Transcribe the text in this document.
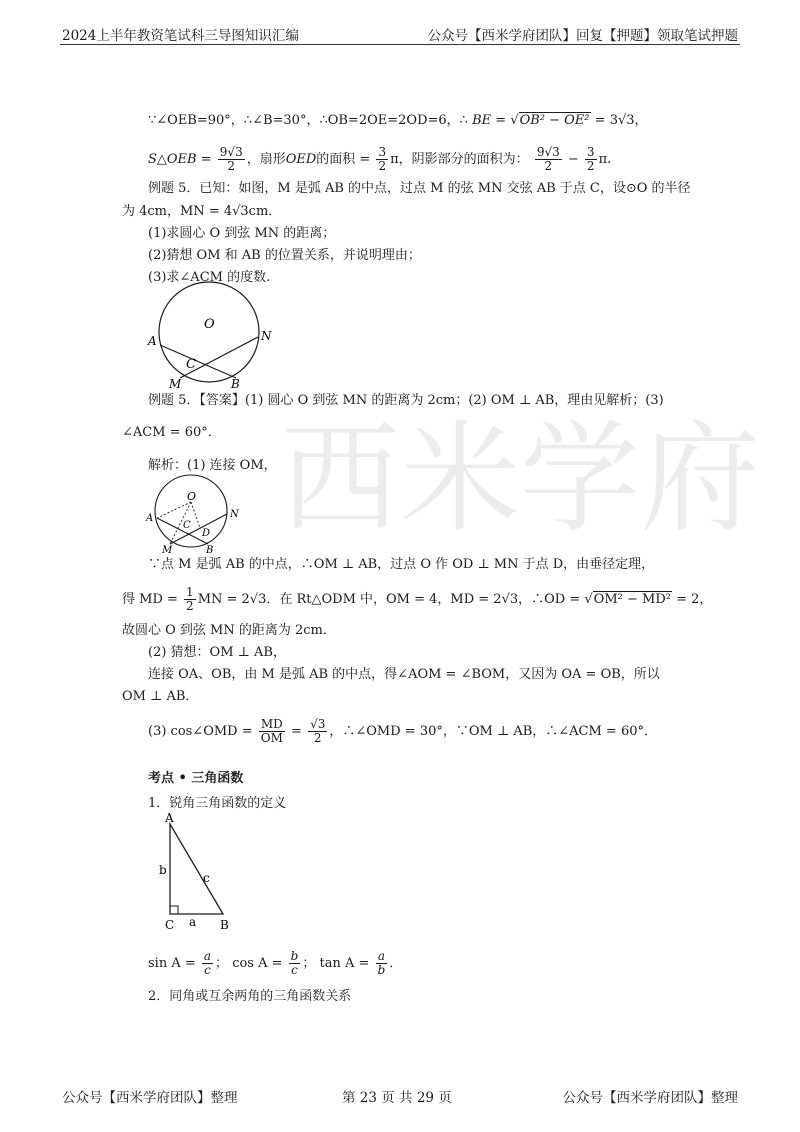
2024上半年教资笔试科三导图知识汇编	公众号【西米学府团队】回复【押题】领取笔试押题
西米学府
∵∠OEB=90°，∴∠B=30°，∴OB=2OE=2OD=6，∴ BE = √OB² − OE² = 3√3，
S△OEB = $\frac{9√3}{2}$ ，扇形OED的面积 = $\frac{3}{2}$ π，阴影部分的面积为： $\frac{9√3}{2} - \frac{3}{2} \pi$.
例题 5．已知：如图，M 是弧 AB 的中点，过点 M 的弦 MN 交弦 AB 于点 C，设⊙O 的半径
为 4cm，MN = 4√3cm．
(1)求圆心 O 到弦 MN 的距离；
(2)猜想 OM 和 AB 的位置关系，并说明理由；
(3)求∠ACM 的度数.
O
A	N
C
M	B
例题 5．【答案】(1) 圆心 O 到弦 MN 的距离为 2cm；(2) OM ⊥ AB，理由见解析；(3)
∠ACM = 60°．
解析：(1) 连接 OM，
O
A	N
C
D
M	B
∵点 M 是弧 AB 的中点，∴OM ⊥ AB，过点 O 作 OD ⊥ MN 于点 D，由垂径定理，
得 MD = $\frac{1}{2}$ MN = 2√3．在 Rt△ODM 中，OM = 4，MD = 2√3，∴OD = √OM² − MD² = 2，
故圆心 O 到弦 MN 的距离为 2cm．
(2) 猜想：OM ⊥ AB，
连接 OA、OB，由 M 是弧 AB 的中点，得∠AOM = ∠BOM，又因为 OA = OB，所以
OM ⊥ AB．
(3) cos∠OMD = $\frac{MD}{OM} = \frac{√3}{2}$ ，∴∠OMD = 30°，∵OM ⊥ AB，∴∠ACM = 60°．
考点 • 三角函数
1．锐角三角函数的定义
A
C	B
a
b
c
$\sin A = \frac{a}{c}$ ； $\cos A = \frac{b}{c}$ ； $\tan A = \frac{a}{b}$ ．
2．同角或互余两角的三角函数关系
公众号【西米学府团队】整理	第 23 页 共 29 页	公众号【西米学府团队】整理
